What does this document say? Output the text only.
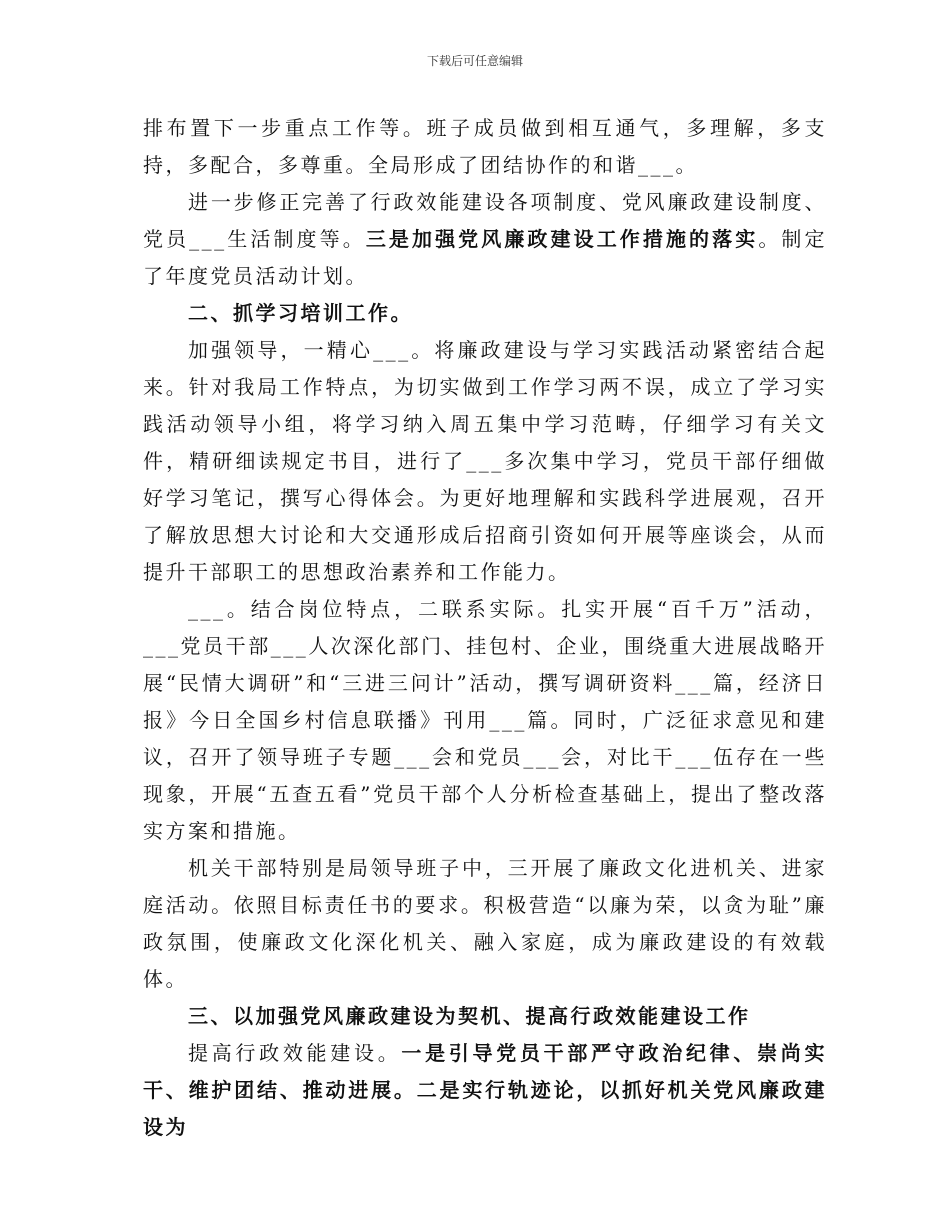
下载后可任意编辑

排布置下一步重点工作等。班子成员做到相互通气，多理解，多支持，多配合，多尊重。全局形成了团结协作的和谐___。

进一步修正完善了行政效能建设各项制度、党风廉政建设制度、党员___生活制度等。三是加强党风廉政建设工作措施的落实。制定了年度党员活动计划。

二、抓学习培训工作。

加强领导，一精心___。将廉政建设与学习实践活动紧密结合起来。针对我局工作特点，为切实做到工作学习两不误，成立了学习实践活动领导小组，将学习纳入周五集中学习范畴，仔细学习有关文件，精研细读规定书目，进行了___多次集中学习，党员干部仔细做好学习笔记，撰写心得体会。为更好地理解和实践科学进展观，召开了解放思想大讨论和大交通形成后招商引资如何开展等座谈会，从而提升干部职工的思想政治素养和工作能力。

___。结合岗位特点，二联系实际。扎实开展“百千万”活动，___党员干部___人次深化部门、挂包村、企业，围绕重大进展战略开展“民情大调研”和“三进三问计”活动，撰写调研资料___篇，经济日报》今日全国乡村信息联播》刊用___篇。同时，广泛征求意见和建议，召开了领导班子专题___会和党员___会，对比干___伍存在一些现象，开展“五查五看”党员干部个人分析检查基础上，提出了整改落实方案和措施。

机关干部特别是局领导班子中，三开展了廉政文化进机关、进家庭活动。依照目标责任书的要求。积极营造“以廉为荣，以贪为耻”廉政氛围，使廉政文化深化机关、融入家庭，成为廉政建设的有效载体。

三、以加强党风廉政建设为契机、提高行政效能建设工作

提高行政效能建设。一是引导党员干部严守政治纪律、崇尚实干、维护团结、推动进展。二是实行轨迹论，以抓好机关党风廉政建设为
